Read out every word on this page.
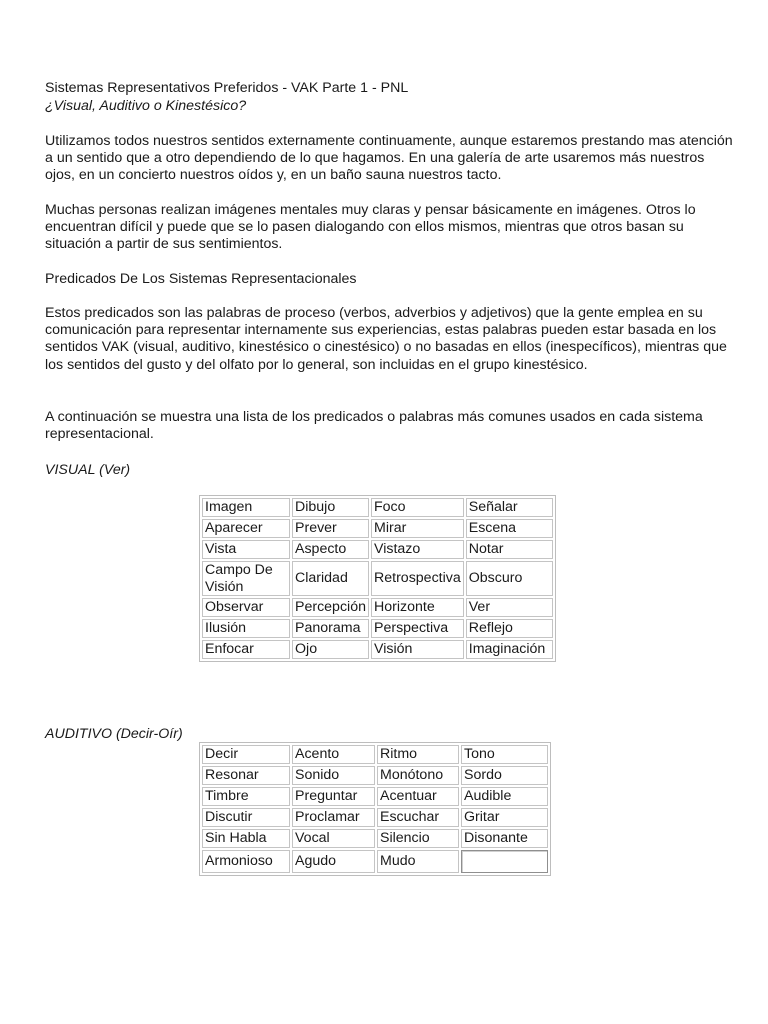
Sistemas Representativos Preferidos - VAK Parte 1 - PNL
¿Visual, Auditivo o Kinestésico?

Utilizamos todos nuestros sentidos externamente continuamente, aunque estaremos prestando mas atención a un sentido que a otro dependiendo de lo que hagamos. En una galería de arte usaremos más nuestros ojos, en un concierto nuestros oídos y, en un baño sauna nuestros tacto.

Muchas personas realizan imágenes mentales muy claras y pensar básicamente en imágenes. Otros lo encuentran difícil y puede que se lo pasen dialogando con ellos mismos, mientras que otros basan su situación a partir de sus sentimientos.

Predicados De Los Sistemas Representacionales

Estos predicados son las palabras de proceso (verbos, adverbios y adjetivos) que la gente emplea en su comunicación para representar internamente sus experiencias, estas palabras pueden estar basada en los sentidos VAK (visual, auditivo, kinestésico o cinestésico) o no basadas en ellos (inespecíficos), mientras que los sentidos del gusto y del olfato por lo general, son incluidas en el grupo kinestésico.

A continuación se muestra una lista de los predicados o palabras más comunes usados en cada sistema representacional.

VISUAL (Ver)
Imagen	Dibujo	Foco	Señalar
Aparecer	Prever	Mirar	Escena
Vista	Aspecto	Vistazo	Notar
Campo De Visión	Claridad	Retrospectiva	Obscuro
Observar	Percepción	Horizonte	Ver
Ilusión	Panorama	Perspectiva	Reflejo
Enfocar	Ojo	Visión	Imaginación
AUDITIVO (Decir-Oír)
Decir	Acento	Ritmo	Tono
Resonar	Sonido	Monótono	Sordo
Timbre	Preguntar	Acentuar	Audible
Discutir	Proclamar	Escuchar	Gritar
Sin Habla	Vocal	Silencio	Disonante
Armonioso	Agudo	Mudo	
